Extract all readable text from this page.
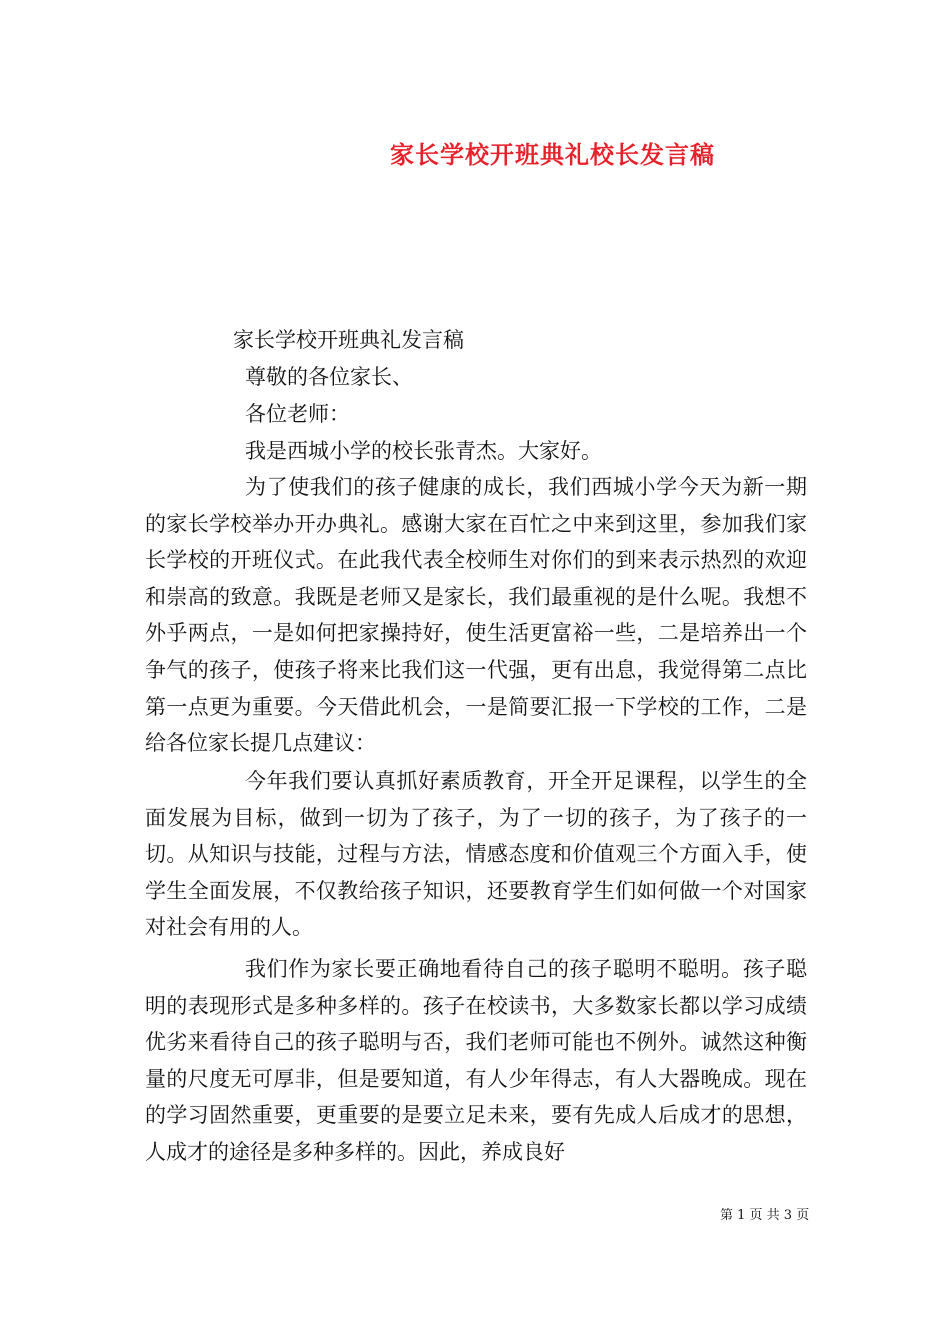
家长学校开班典礼校长发言稿
家长学校开班典礼发言稿
尊敬的各位家长、
各位老师：
我是西城小学的校长张青杰。大家好。

为了使我们的孩子健康的成长，我们西城小学今天为新一期的家长学校举办开办典礼。感谢大家在百忙之中来到这里，参加我们家长学校的开班仪式。在此我代表全校师生对你们的到来表示热烈的欢迎和崇高的致意。我既是老师又是家长，我们最重视的是什么呢。我想不外乎两点，一是如何把家操持好，使生活更富裕一些，二是培养出一个争气的孩子，使孩子将来比我们这一代强，更有出息，我觉得第二点比第一点更为重要。今天借此机会，一是简要汇报一下学校的工作，二是给各位家长提几点建议：

今年我们要认真抓好素质教育，开全开足课程，以学生的全面发展为目标，做到一切为了孩子，为了一切的孩子，为了孩子的一切。从知识与技能，过程与方法，情感态度和价值观三个方面入手，使学生全面发展，不仅教给孩子知识，还要教育学生们如何做一个对国家对社会有用的人。

我们作为家长要正确地看待自己的孩子聪明不聪明。孩子聪明的表现形式是多种多样的。孩子在校读书，大多数家长都以学习成绩优劣来看待自己的孩子聪明与否，我们老师可能也不例外。诚然这种衡量的尺度无可厚非，但是要知道，有人少年得志，有人大器晚成。现在的学习固然重要，更重要的是要立足未来，要有先成人后成才的思想，人成才的途径是多种多样的。因此，养成良好

第 1 页 共 3 页
